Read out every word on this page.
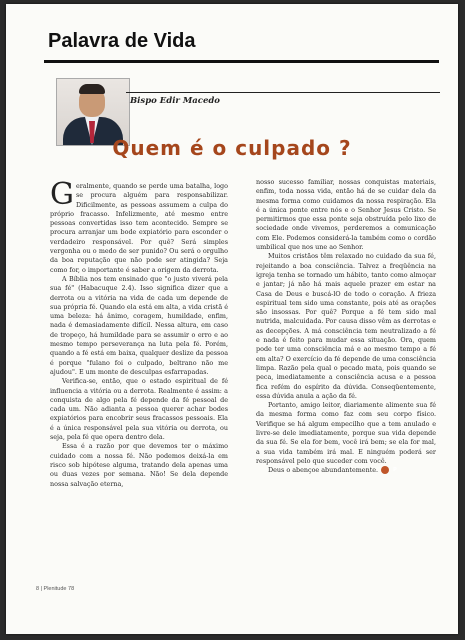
Palavra de Vida
Bispo Edir Macedo
Quem é o culpado ?

Geralmente, quando se perde uma batalha, logo se procura alguém para responsabilizar. Dificilmente, as pessoas assumem a culpa do próprio fracasso. Infelizmente, até mesmo entre pessoas convertidas isso tem acontecido. Sempre se procura arranjar um bode expiatório para esconder o verdadeiro responsável. Por quê? Será simples vergonha ou o medo de ser punido? Ou será o orgulho da boa reputação que não pode ser atingida? Seja como for, o importante é saber a origem da derrota.

A Bíblia nos tem ensinado que "o justo viverá pela sua fé" (Habacuque 2.4). Isso significa dizer que a derrota ou a vitória na vida de cada um depende de sua própria fé. Quando ela está em alta, a vida cristã é uma beleza: há ânimo, coragem, humildade, enfim, nada é demasiadamente difícil. Nessa altura, em caso de tropeço, há humildade para se assumir o erro e ao mesmo tempo perseverança na luta pela fé. Porém, quando a fé está em baixa, qualquer deslize da pessoa é porque "fulano foi o culpado, beltrano não me ajudou". E um monte de desculpas esfarrapadas.

Verifica-se, então, que o estado espiritual de fé influencia a vitória ou a derrota. Realmente é assim: a conquista de algo pela fé depende da fé pessoal de cada um. Não adianta a pessoa querer achar bodes expiatórios para encobrir seus fracassos pessoais. Ela é a única responsável pela sua vitória ou derrota, ou seja, pela fé que opera dentro dela.

Essa é a razão por que devemos ter o máximo cuidado com a nossa fé. Não podemos deixá-la em risco sob hipótese alguma, tratando dela apenas uma ou duas vezes por semana. Não! Se dela depende nossa salvação eterna,

nosso sucesso familiar, nossas conquistas materiais, enfim, toda nossa vida, então há de se cuidar dela da mesma forma como cuidamos da nossa respiração. Ela é a única ponte entre nós e o Senhor Jesus Cristo. Se permitirmos que essa ponte seja obstruída pelo lixo de sociedade onde vivemos, perderemos a comunicação com Ele. Podemos considerá-la também como o cordão umbilical que nos une ao Senhor.

Muitos cristãos têm relaxado no cuidado da sua fé, rejeitando a boa consciência. Talvez a freqüência na igreja tenha se tornado um hábito, tanto como almoçar e jantar; já não há mais aquele prazer em estar na Casa de Deus e buscá-lO de todo o coração. A frieza espiritual tem sido uma constante, pois até as orações são insossas. Por quê? Porque a fé tem sido mal nutrida, malcuidada. Por causa disso vêm as derrotas e as decepções. A má consciência tem neutralizado a fé e nada é feito para mudar essa situação. Ora, quem pode ter uma consciência má e ao mesmo tempo a fé em alta? O exercício da fé depende de uma consciência limpa. Razão pela qual o pecado mata, pois quando se peca, imediatamente a consciência acusa e a pessoa fica refém do espírito da dúvida. Conseqüentemente, essa dúvida anula a ação da fé.

Portanto, amigo leitor, diariamente alimente sua fé da mesma forma como faz com seu corpo físico. Verifique se há algum empecilho que a tem anulado e livre-se dele imediatamente, porque sua vida depende da sua fé. Se ela for bem, você irá bem; se ela for mal, a sua vida também irá mal. E ninguém poderá ser responsável pelo que suceder com você.

Deus o abençoe abundantemente.	P

8 | Plenitude 78
